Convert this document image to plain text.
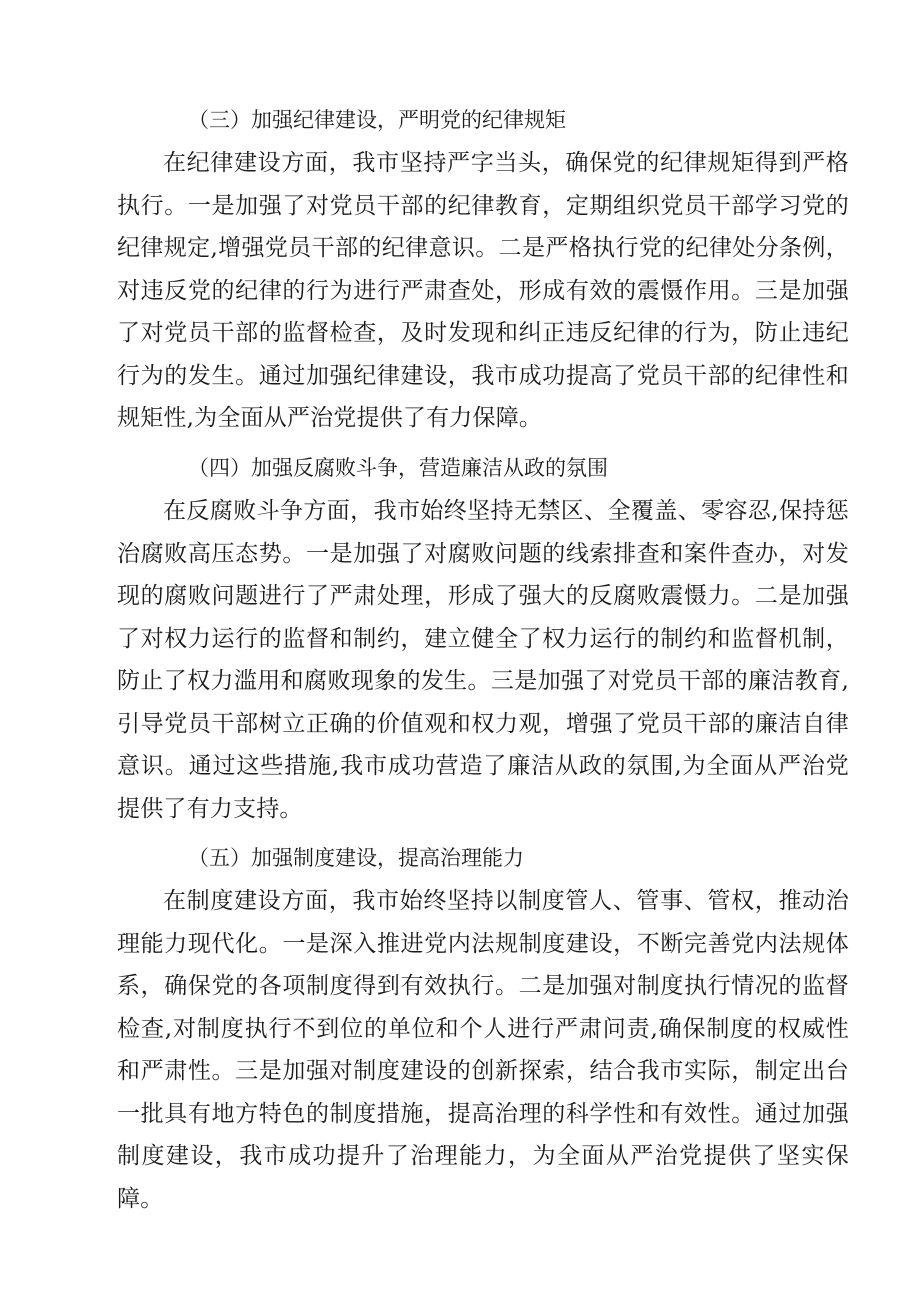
（三）加强纪律建设，严明党的纪律规矩
在纪律建设方面，我市坚持严字当头，确保党的纪律规矩得到严格执行。一是加强了对党员干部的纪律教育，定期组织党员干部学习党的纪律规定,增强党员干部的纪律意识。二是严格执行党的纪律处分条例，对违反党的纪律的行为进行严肃查处，形成有效的震慑作用。三是加强了对党员干部的监督检查，及时发现和纠正违反纪律的行为，防止违纪行为的发生。通过加强纪律建设，我市成功提高了党员干部的纪律性和规矩性,为全面从严治党提供了有力保障。
（四）加强反腐败斗争，营造廉洁从政的氛围
在反腐败斗争方面，我市始终坚持无禁区、全覆盖、零容忍,保持惩治腐败高压态势。一是加强了对腐败问题的线索排查和案件查办，对发现的腐败问题进行了严肃处理，形成了强大的反腐败震慑力。二是加强了对权力运行的监督和制约，建立健全了权力运行的制约和监督机制，防止了权力滥用和腐败现象的发生。三是加强了对党员干部的廉洁教育,引导党员干部树立正确的价值观和权力观，增强了党员干部的廉洁自律意识。通过这些措施,我市成功营造了廉洁从政的氛围,为全面从严治党提供了有力支持。
（五）加强制度建设，提高治理能力
在制度建设方面，我市始终坚持以制度管人、管事、管权，推动治理能力现代化。一是深入推进党内法规制度建设，不断完善党内法规体系，确保党的各项制度得到有效执行。二是加强对制度执行情况的监督检查,对制度执行不到位的单位和个人进行严肃问责,确保制度的权威性和严肃性。三是加强对制度建设的创新探索，结合我市实际，制定出台一批具有地方特色的制度措施，提高治理的科学性和有效性。通过加强制度建设，我市成功提升了治理能力，为全面从严治党提供了坚实保障。
